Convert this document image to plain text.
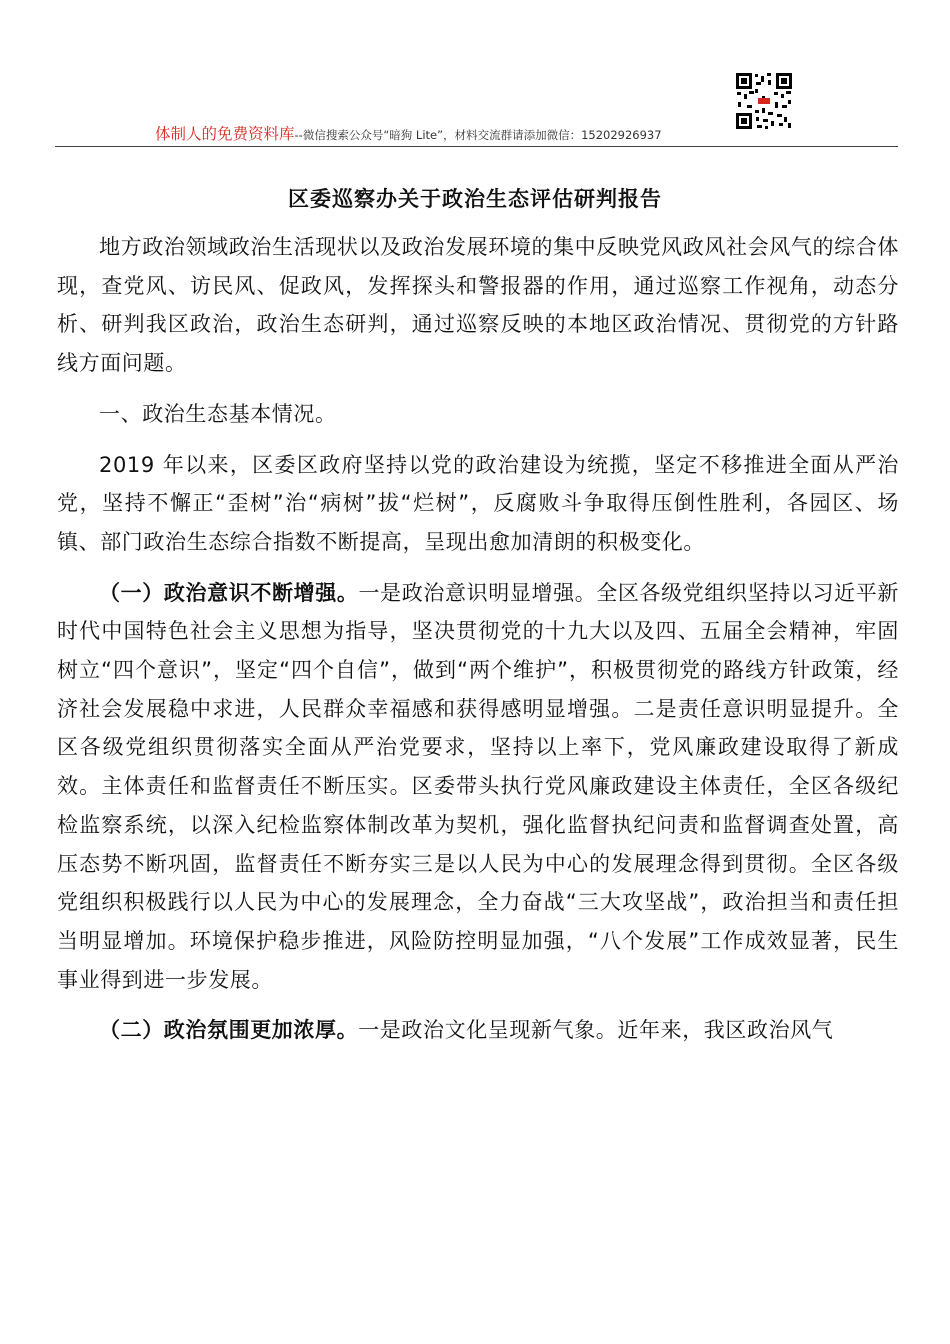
体制人的免费资料库--微信搜索公众号“暗狗 Lite”，材料交流群请添加微信：15202926937
区委巡察办关于政治生态评估研判报告

地方政治领域政治生活现状以及政治发展环境的集中反映党风政风社会风气的综合体现，查党风、访民风、促政风，发挥探头和警报器的作用，通过巡察工作视角，动态分析、研判我区政治，政治生态研判，通过巡察反映的本地区政治情况、贯彻党的方针路线方面问题。

一、政治生态基本情况。

2019 年以来，区委区政府坚持以党的政治建设为统揽，坚定不移推进全面从严治党，坚持不懈正“歪树”治“病树”拔“烂树”，反腐败斗争取得压倒性胜利，各园区、场镇、部门政治生态综合指数不断提高，呈现出愈加清朗的积极变化。

（一）政治意识不断增强。一是政治意识明显增强。全区各级党组织坚持以习近平新时代中国特色社会主义思想为指导，坚决贯彻党的十九大以及四、五届全会精神，牢固树立“四个意识”，坚定“四个自信”，做到“两个维护”，积极贯彻党的路线方针政策，经济社会发展稳中求进，人民群众幸福感和获得感明显增强。二是责任意识明显提升。全区各级党组织贯彻落实全面从严治党要求，坚持以上率下，党风廉政建设取得了新成效。主体责任和监督责任不断压实。区委带头执行党风廉政建设主体责任，全区各级纪检监察系统，以深入纪检监察体制改革为契机，强化监督执纪问责和监督调查处置，高压态势不断巩固，监督责任不断夯实三是以人民为中心的发展理念得到贯彻。全区各级党组织积极践行以人民为中心的发展理念，全力奋战“三大攻坚战”，政治担当和责任担当明显增加。环境保护稳步推进，风险防控明显加强，“八个发展”工作成效显著，民生事业得到进一步发展。

（二）政治氛围更加浓厚。一是政治文化呈现新气象。近年来，我区政治风气
